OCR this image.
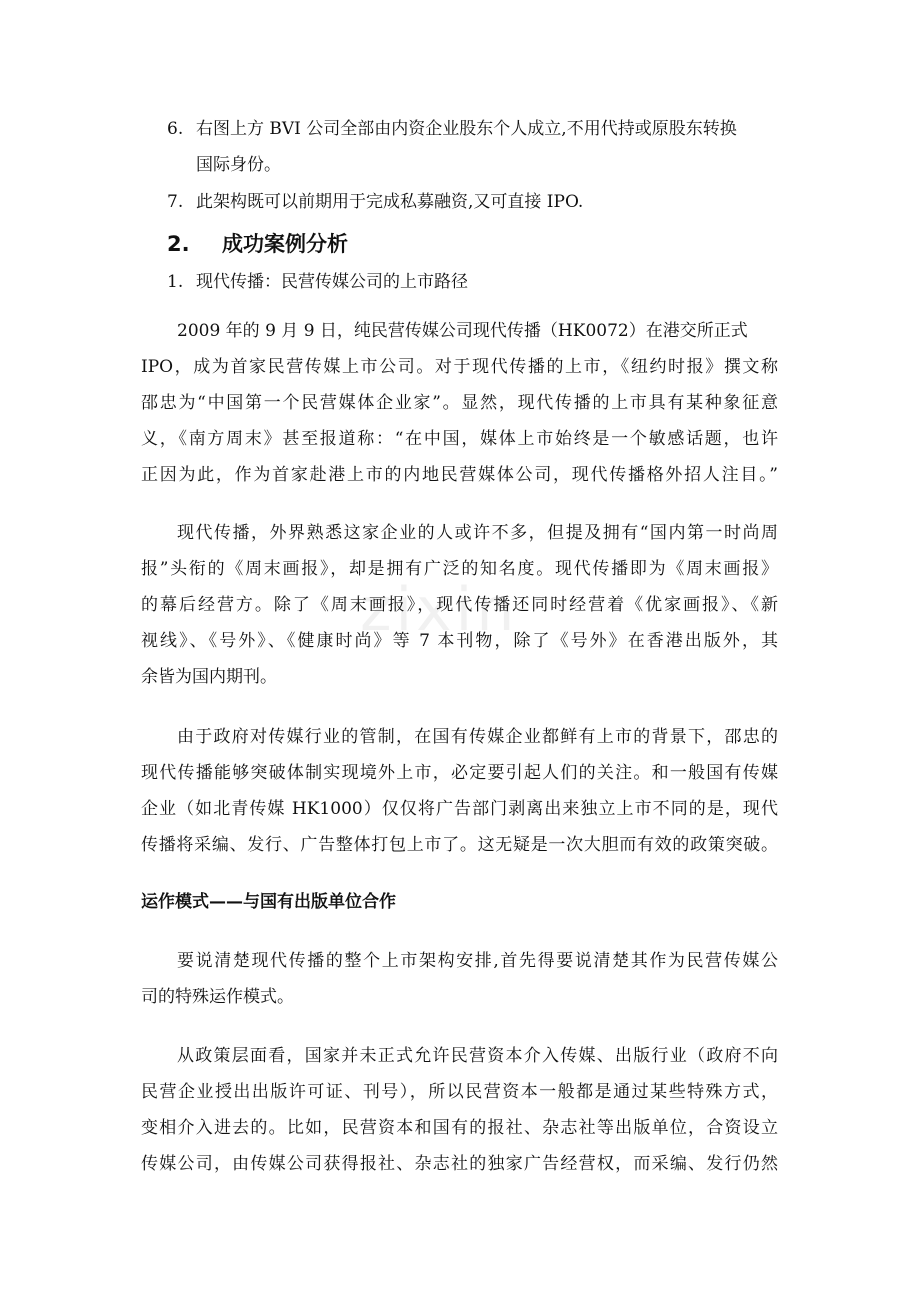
6. 右图上方 BVI 公司全部由内资企业股东个人成立,不用代持或原股东转换
国际身份。
7. 此架构既可以前期用于完成私募融资,又可直接 IPO.
2. 成功案例分析
1. 现代传播：民营传媒公司的上市路径
2009 年的 9 月 9 日，纯民营传媒公司现代传播（HK0072）在港交所正式
IPO，成为首家民营传媒上市公司。对于现代传播的上市，《纽约时报》撰文称
邵忠为“中国第一个民营媒体企业家”。显然，现代传播的上市具有某种象征意
义，《南方周末》甚至报道称：“在中国，媒体上市始终是一个敏感话题，也许
正因为此，作为首家赴港上市的内地民营媒体公司，现代传播格外招人注目。”
现代传播，外界熟悉这家企业的人或许不多，但提及拥有“国内第一时尚周
报”头衔的《周末画报》，却是拥有广泛的知名度。现代传播即为《周末画报》
的幕后经营方。除了《周末画报》，现代传播还同时经营着《优家画报》、《新
视线》、《号外》、《健康时尚》等 7 本刊物，除了《号外》在香港出版外，其
余皆为国内期刊。
由于政府对传媒行业的管制，在国有传媒企业都鲜有上市的背景下，邵忠的
现代传播能够突破体制实现境外上市，必定要引起人们的关注。和一般国有传媒
企业（如北青传媒 HK1000）仅仅将广告部门剥离出来独立上市不同的是，现代
传播将采编、发行、广告整体打包上市了。这无疑是一次大胆而有效的政策突破。
运作模式——与国有出版单位合作
要说清楚现代传播的整个上市架构安排,首先得要说清楚其作为民营传媒公
司的特殊运作模式。
从政策层面看，国家并未正式允许民营资本介入传媒、出版行业（政府不向
民营企业授出出版许可证、刊号），所以民营资本一般都是通过某些特殊方式，
变相介入进去的。比如，民营资本和国有的报社、杂志社等出版单位，合资设立
传媒公司，由传媒公司获得报社、杂志社的独家广告经营权，而采编、发行仍然
zixin
